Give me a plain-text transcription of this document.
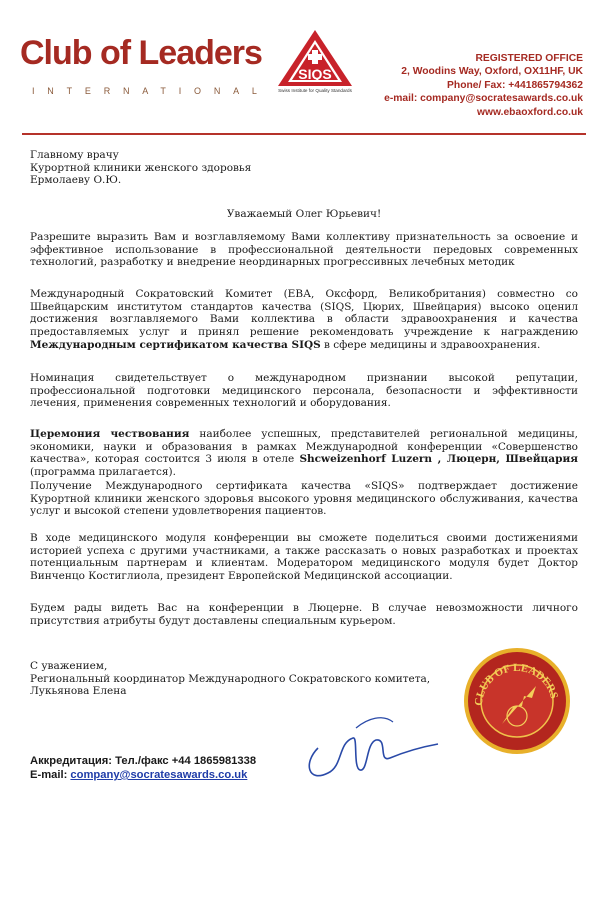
Club of Leaders
INTERNATIONAL
SIQS
Swiss Institute for Quality Standards
REGISTERED OFFICE
2, Woodins Way, Oxford, OX11HF, UK
Phone/ Fax: +441865794362
e-mail: company@socratesawards.co.uk
www.ebaoxford.co.uk
Главному врачу
Курортной клиники женского здоровья
Ермолаеву О.Ю.
Уважаемый Олег Юрьевич!
Разрешите выразить Вам и возглавляемому Вами коллективу признательность за освоение и эффективное использование в профессиональной деятельности передовых современных технологий, разработку и внедрение неординарных прогрессивных лечебных методик
Международный Сократовский Комитет (ЕВА, Оксфорд, Великобритания) совместно со Швейцарским институтом стандартов качества (SIQS, Цюрих, Швейцария) высоко оценил достижения возглавляемого Вами коллектива в области здравоохранения и качества предоставляемых услуг и принял решение рекомендовать учреждение к награждению Международным сертификатом качества SIQS в сфере медицины и здравоохранения.
Номинация свидетельствует о международном признании высокой репутации, профессиональной подготовки медицинского персонала, безопасности и эффективности лечения, применения современных технологий и оборудования.
Церемония чествования наиболее успешных, представителей региональной медицины, экономики, науки и образования в рамках Международной конференции «Совершенство качества», которая состоится 3 июля в отеле Shcweizenhorf Luzern , Люцерн, Швейцария (программа прилагается).
Получение Международного сертификата качества «SIQS» подтверждает достижение Курортной клиники женского здоровья высокого уровня медицинского обслуживания, качества услуг и высокой степени удовлетворения пациентов.
В ходе медицинского модуля конференции вы сможете поделиться своими достижениями историей успеха с другими участниками, а также рассказать о новых разработках и проектах потенциальным партнерам и клиентам. Модератором медицинского модуля будет Доктор Винченцо Костиглиола, президент Европейской Медицинской ассоциации.
Будем рады видеть Вас на конференции в Люцерне. В случае невозможности личного присутствия атрибуты будут доставлены специальным курьером.
С уважением,
Региональный координатор Международного Сократовского комитета,
Лукьянова Елена
CLUB OF LEADERS
Аккредитация: Тел./факс +44 1865981338
E-mail: company@socratesawards.co.uk
